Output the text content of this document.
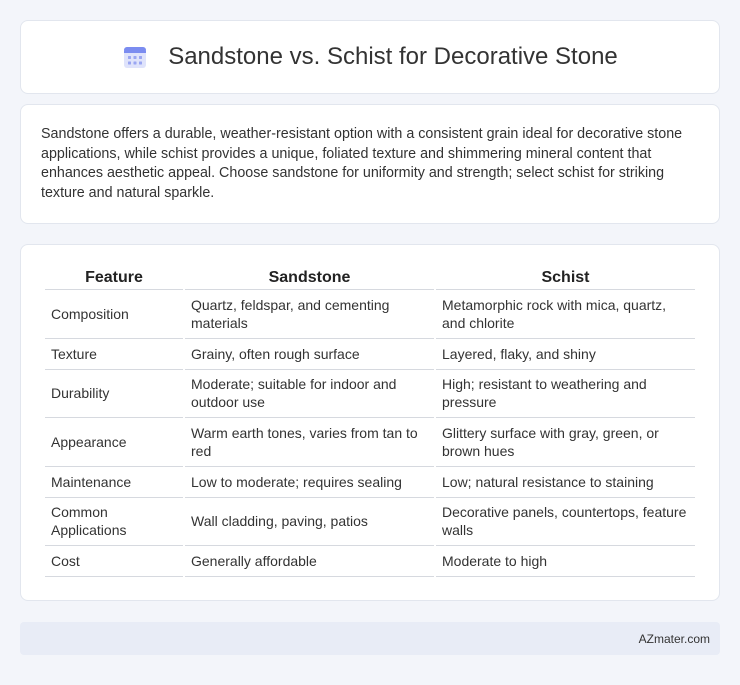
Sandstone vs. Schist for Decorative Stone

Sandstone offers a durable, weather-resistant option with a consistent grain ideal for decorative stone applications, while schist provides a unique, foliated texture and shimmering mineral content that enhances aesthetic appeal. Choose sandstone for uniformity and strength; select schist for striking texture and natural sparkle.

Feature	Sandstone	Schist
Composition	Quartz, feldspar, and cementing materials	Metamorphic rock with mica, quartz, and chlorite
Texture	Grainy, often rough surface	Layered, flaky, and shiny
Durability	Moderate; suitable for indoor and outdoor use	High; resistant to weathering and pressure
Appearance	Warm earth tones, varies from tan to red	Glittery surface with gray, green, or brown hues
Maintenance	Low to moderate; requires sealing	Low; natural resistance to staining
Common Applications	Wall cladding, paving, patios	Decorative panels, countertops, feature walls
Cost	Generally affordable	Moderate to high
AZmater.com
